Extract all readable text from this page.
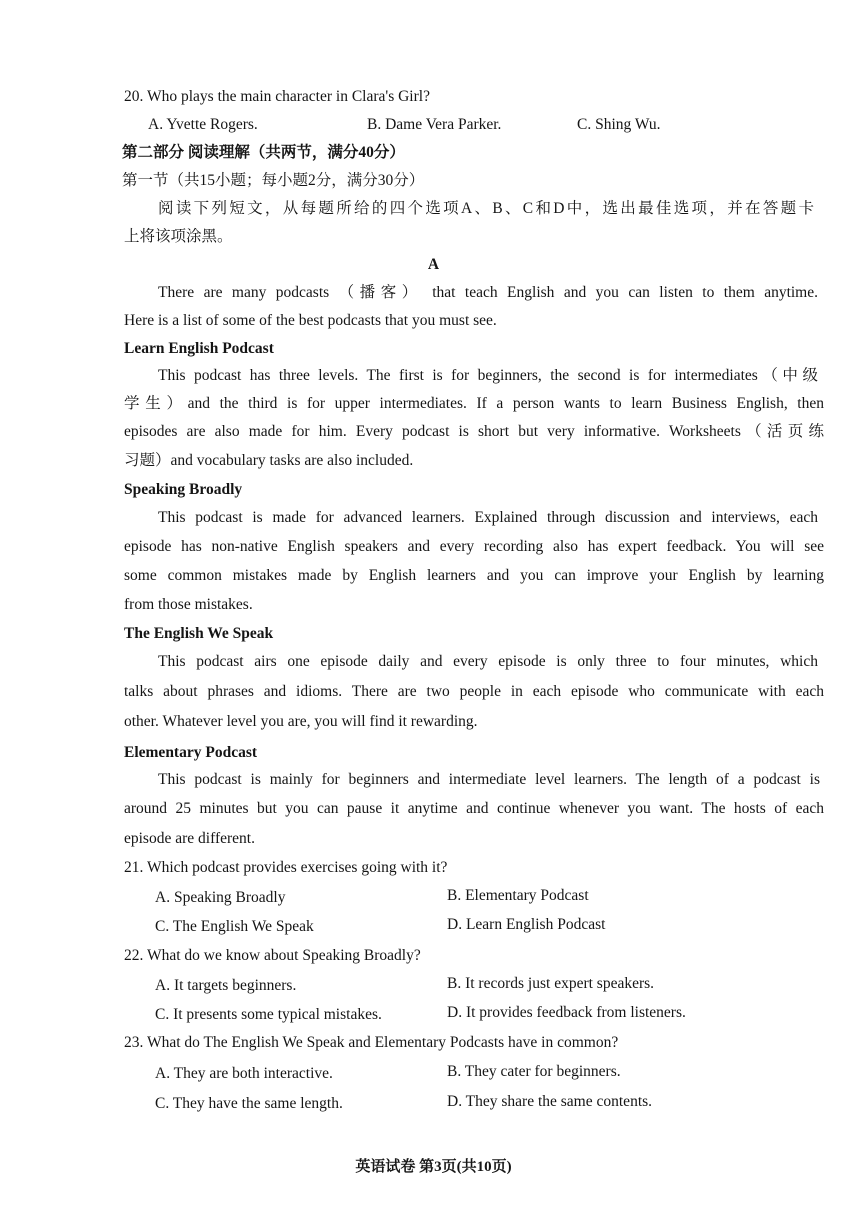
20. Who plays the main character in Clara's Girl?
A. Yvette Rogers.	B. Dame Vera Parker.	C. Shing Wu.
第二部分 阅读理解（共两节，满分40分）
第一节（共15小题；每小题2分，满分30分）
阅读下列短文，从每题所给的四个选项A、B、C和D中，选出最佳选项，并在答题卡
上将该项涂黑。
A
There are many podcasts （播客） that teach English and you can listen to them anytime.
Here is a list of some of the best podcasts that you must see.
Learn English Podcast
This podcast has three levels. The first is for beginners, the second is for intermediates（中级
学生）and the third is for upper intermediates. If a person wants to learn Business English, then
episodes are also made for him. Every podcast is short but very informative. Worksheets（活页练
习题）and vocabulary tasks are also included.
Speaking Broadly
This podcast is made for advanced learners. Explained through discussion and interviews, each
episode has non-native English speakers and every recording also has expert feedback. You will see
some common mistakes made by English learners and you can improve your English by learning
from those mistakes.
The English We Speak
This podcast airs one episode daily and every episode is only three to four minutes, which
talks about phrases and idioms. There are two people in each episode who communicate with each
other. Whatever level you are, you will find it rewarding.
Elementary Podcast
This podcast is mainly for beginners and intermediate level learners. The length of a podcast is
around 25 minutes but you can pause it anytime and continue whenever you want. The hosts of each
episode are different.
21. Which podcast provides exercises going with it?
A. Speaking Broadly	B. Elementary Podcast
C. The English We Speak	D. Learn English Podcast
22. What do we know about Speaking Broadly?
A. It targets beginners.	B. It records just expert speakers.
C. It presents some typical mistakes.	D. It provides feedback from listeners.
23. What do The English We Speak and Elementary Podcasts have in common?
A. They are both interactive.	B. They cater for beginners.
C. They have the same length.	D. They share the same contents.
英语试卷 第3页(共10页)
